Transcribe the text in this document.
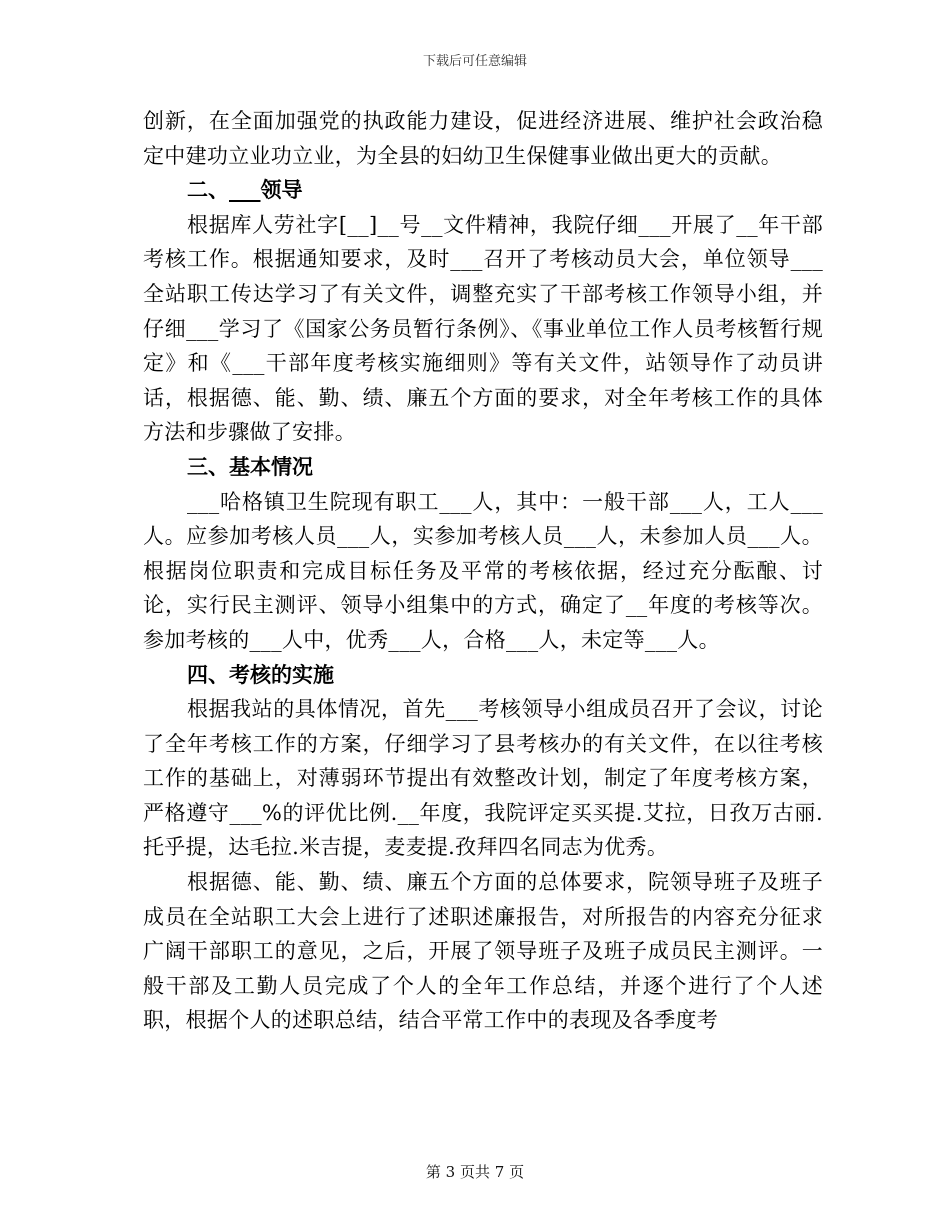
下载后可任意编辑

创新，在全面加强党的执政能力建设，促进经济进展、维护社会政治稳定中建功立业功立业，为全县的妇幼卫生保健事业做出更大的贡献。

二、___领导

根据库人劳社字[__]__号__文件精神，我院仔细___开展了__年干部考核工作。根据通知要求，及时___召开了考核动员大会，单位领导___全站职工传达学习了有关文件，调整充实了干部考核工作领导小组，并仔细___学习了《国家公务员暂行条例》、《事业单位工作人员考核暂行规定》和《___干部年度考核实施细则》等有关文件，站领导作了动员讲话，根据德、能、勤、绩、廉五个方面的要求，对全年考核工作的具体方法和步骤做了安排。

三、基本情况

___哈格镇卫生院现有职工___人，其中：一般干部___人，工人___人。应参加考核人员___人，实参加考核人员___人，未参加人员___人。根据岗位职责和完成目标任务及平常的考核依据，经过充分酝酿、讨论，实行民主测评、领导小组集中的方式，确定了__年度的考核等次。参加考核的___人中，优秀___人，合格___人，未定等___人。

四、考核的实施

根据我站的具体情况，首先___考核领导小组成员召开了会议，讨论了全年考核工作的方案，仔细学习了县考核办的有关文件，在以往考核工作的基础上，对薄弱环节提出有效整改计划，制定了年度考核方案，严格遵守___%的评优比例.__年度，我院评定买买提.艾拉，日孜万古丽.托乎提，达毛拉.米吉提，麦麦提.孜拜四名同志为优秀。

根据德、能、勤、绩、廉五个方面的总体要求，院领导班子及班子成员在全站职工大会上进行了述职述廉报告，对所报告的内容充分征求广阔干部职工的意见，之后，开展了领导班子及班子成员民主测评。一般干部及工勤人员完成了个人的全年工作总结，并逐个进行了个人述职，根据个人的述职总结，结合平常工作中的表现及各季度考

第 3 页共 7 页
